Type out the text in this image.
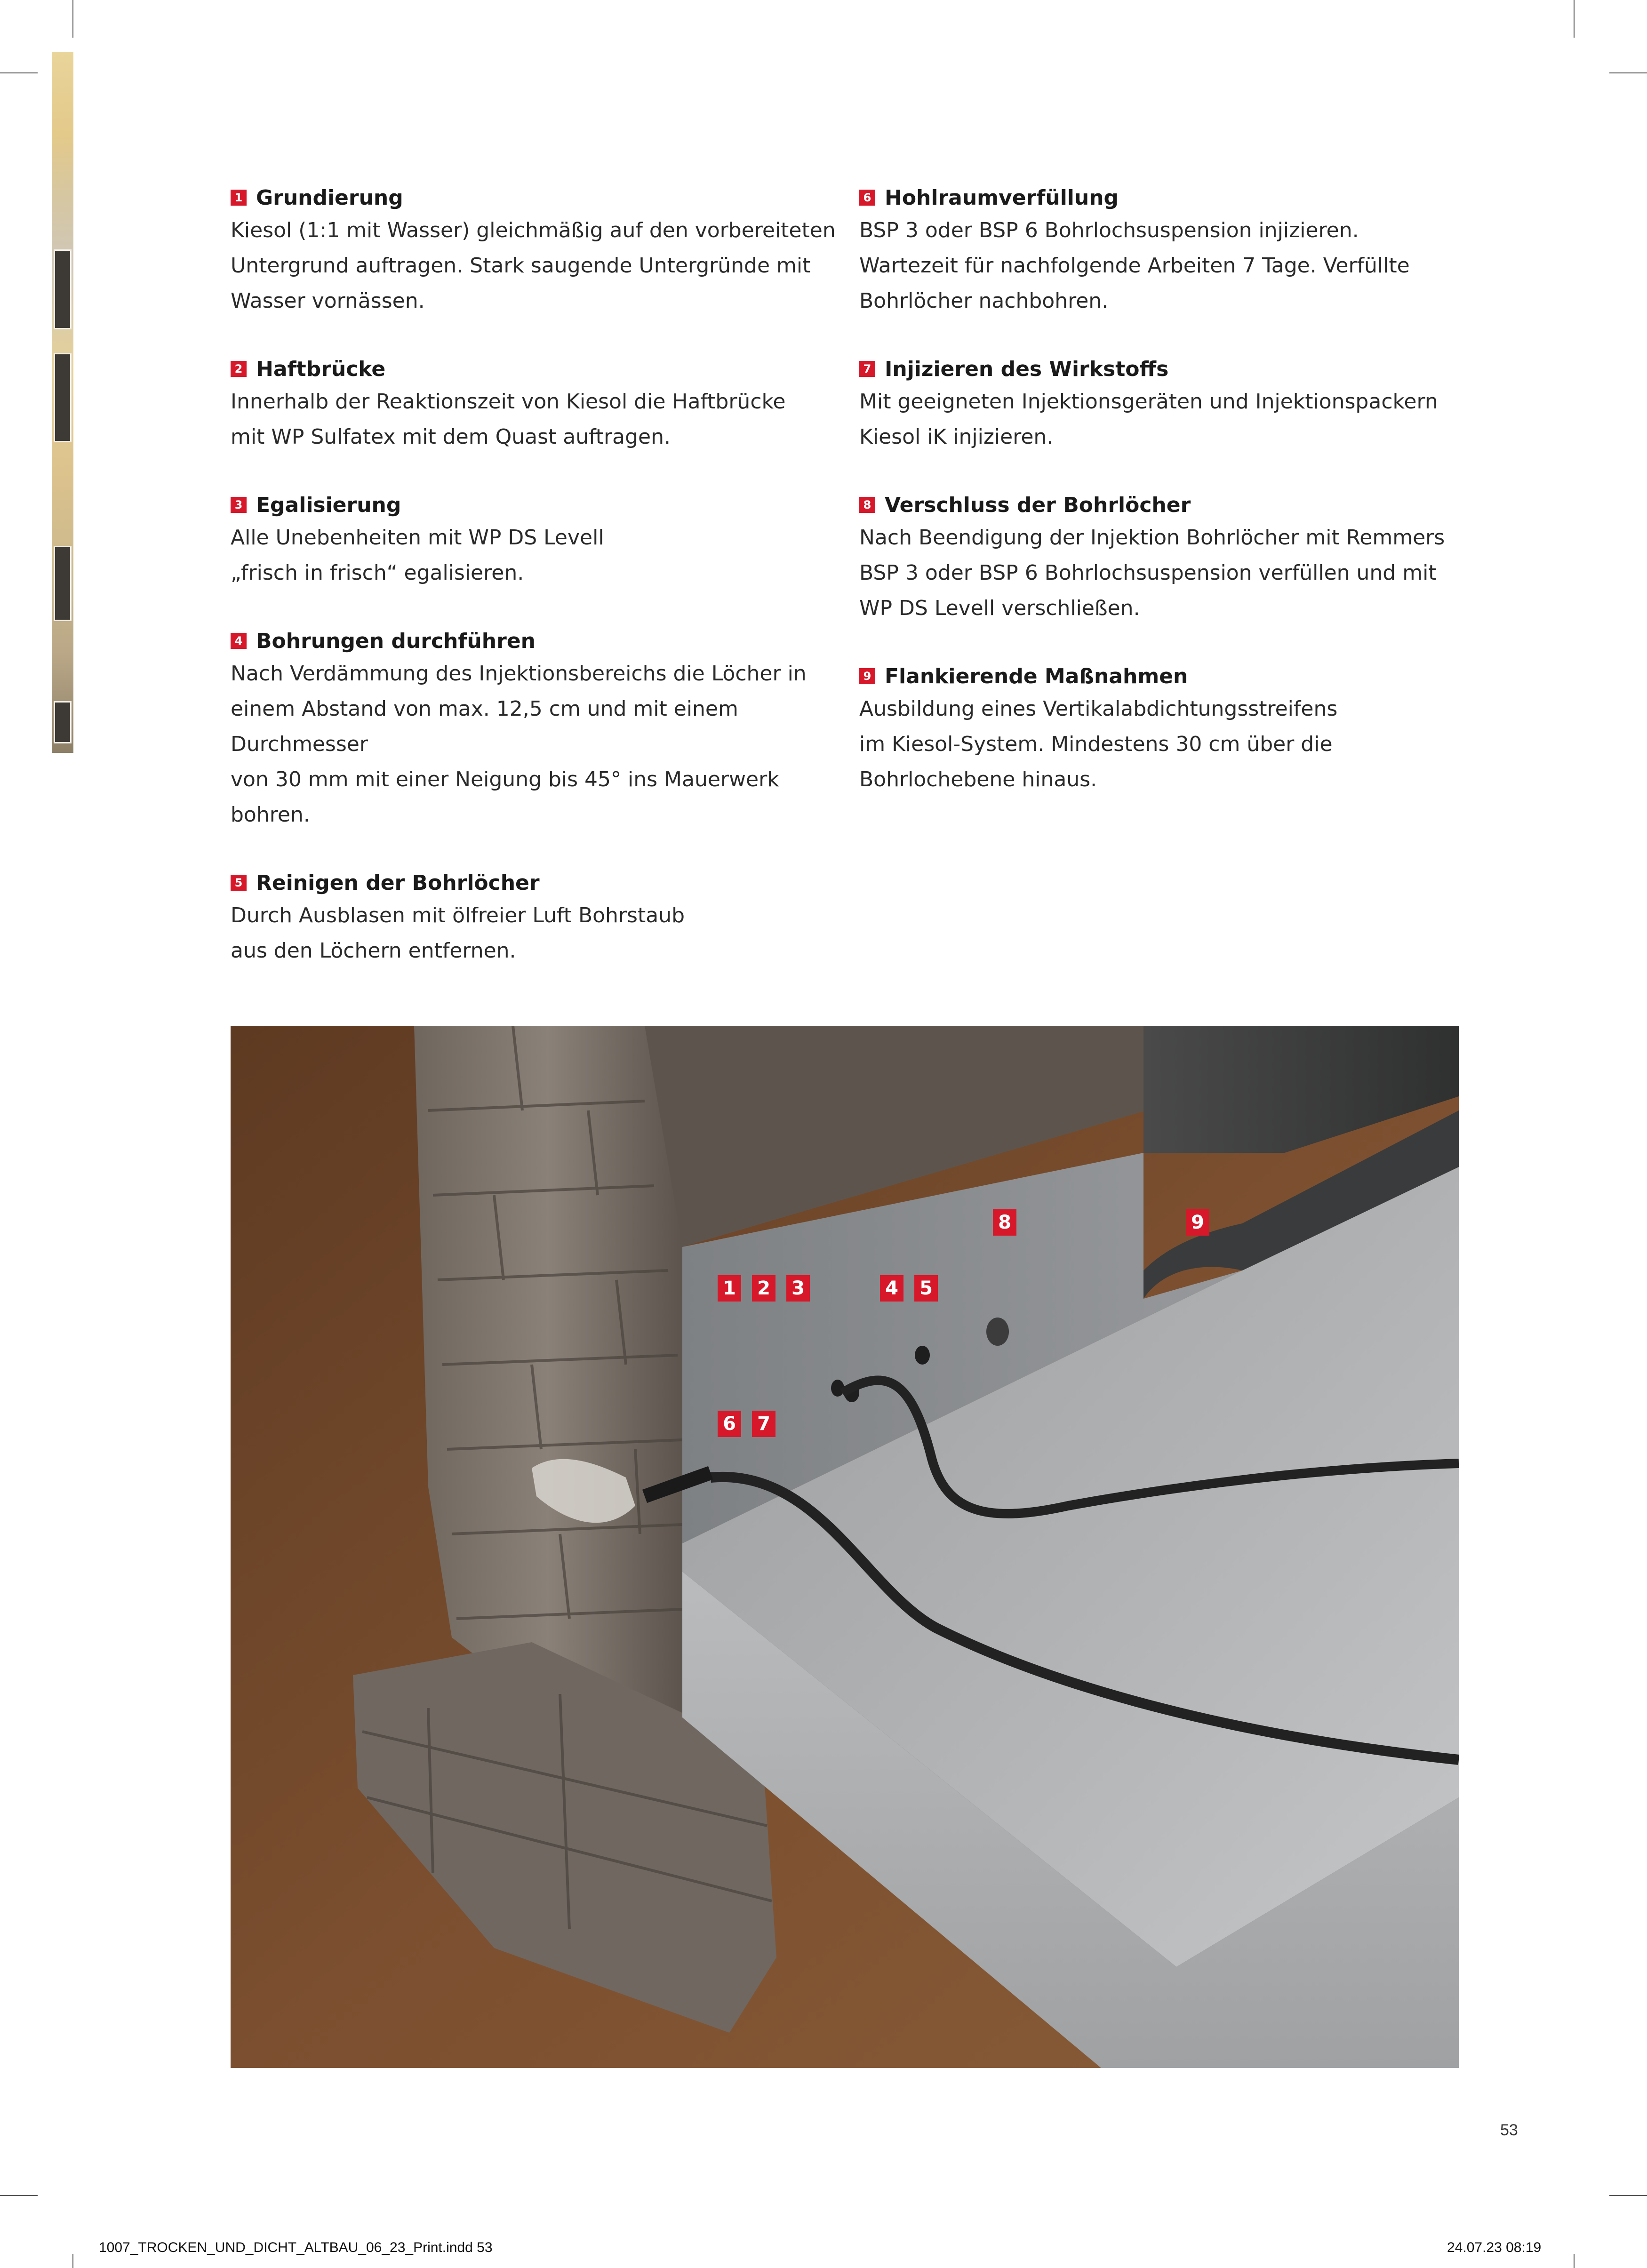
1 Grundierung
Kiesol (1:1 mit Wasser) gleichmäßig auf den vorbereiteten
Untergrund auftragen. Stark saugende Untergründe mit
Wasser vornässen.
2 Haftbrücke
Innerhalb der Reaktionszeit von Kiesol die Haftbrücke
mit WP Sulfatex mit dem Quast auftragen.
3 Egalisierung
Alle Unebenheiten mit WP DS Levell
„frisch in frisch“ egalisieren.
4 Bohrungen durchführen
Nach Verdämmung des Injektionsbereichs die Löcher in
einem Abstand von max. 12,5 cm und mit einem Durchmesser
von 30 mm mit einer Neigung bis 45° ins Mauerwerk bohren.
5 Reinigen der Bohrlöcher
Durch Ausblasen mit ölfreier Luft Bohrstaub
aus den Löchern entfernen.
6 Hohlraumverfüllung
BSP 3 oder BSP 6 Bohrlochsuspension injizieren.
Wartezeit für nachfolgende Arbeiten 7 Tage. Verfüllte
Bohrlöcher nachbohren.
7 Injizieren des Wirkstoffs
Mit geeigneten Injektionsgeräten und Injektionspackern
Kiesol iK injizieren.
8 Verschluss der Bohrlöcher
Nach Beendigung der Injektion Bohrlöcher mit Remmers
BSP 3 oder BSP 6 Bohrlochsuspension verfüllen und mit
WP DS Levell verschließen.
9 Flankierende Maßnahmen
Ausbildung eines Vertikalabdichtungsstreifens
im Kiesol-System. Mindestens 30 cm über die
Bohrlochebene hinaus.
1 2 3	4 5
6 7
8	9
53
1007_TROCKEN_UND_DICHT_ALTBAU_06_23_Print.indd 53	24.07.23 08:19
